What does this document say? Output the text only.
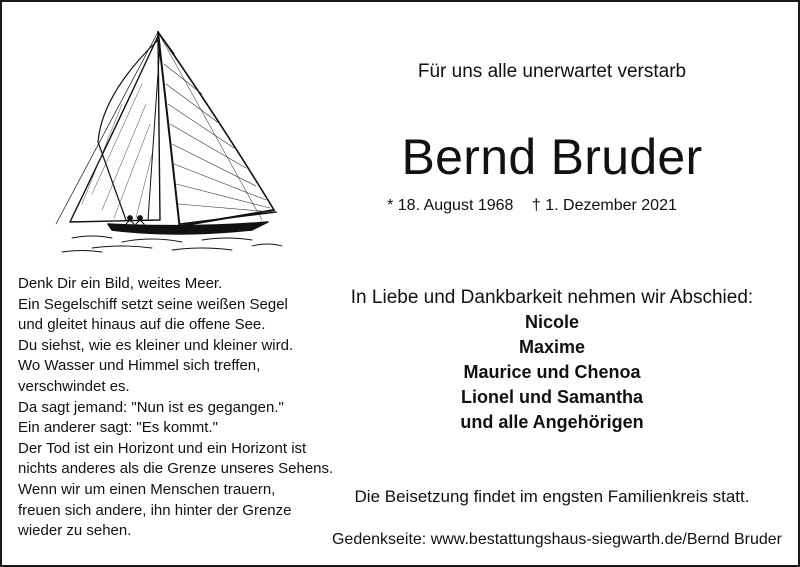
Für uns alle unerwartet verstarb
Bernd Bruder
* 18. August 1968 † 1. Dezember 2021
Denk Dir ein Bild, weites Meer.
Ein Segelschiff setzt seine weißen Segel
und gleitet hinaus auf die offene See.
Du siehst, wie es kleiner und kleiner wird.
Wo Wasser und Himmel sich treffen,
verschwindet es.
Da sagt jemand: "Nun ist es gegangen."
Ein anderer sagt: "Es kommt."
Der Tod ist ein Horizont und ein Horizont ist
nichts anderes als die Grenze unseres Sehens.
Wenn wir um einen Menschen trauern,
freuen sich andere, ihn hinter der Grenze
wieder zu sehen.
In Liebe und Dankbarkeit nehmen wir Abschied:
Nicole
Maxime
Maurice und Chenoa
Lionel und Samantha
und alle Angehörigen
Die Beisetzung findet im engsten Familienkreis statt.
Gedenkseite: www.bestattungshaus-siegwarth.de/Bernd Bruder
